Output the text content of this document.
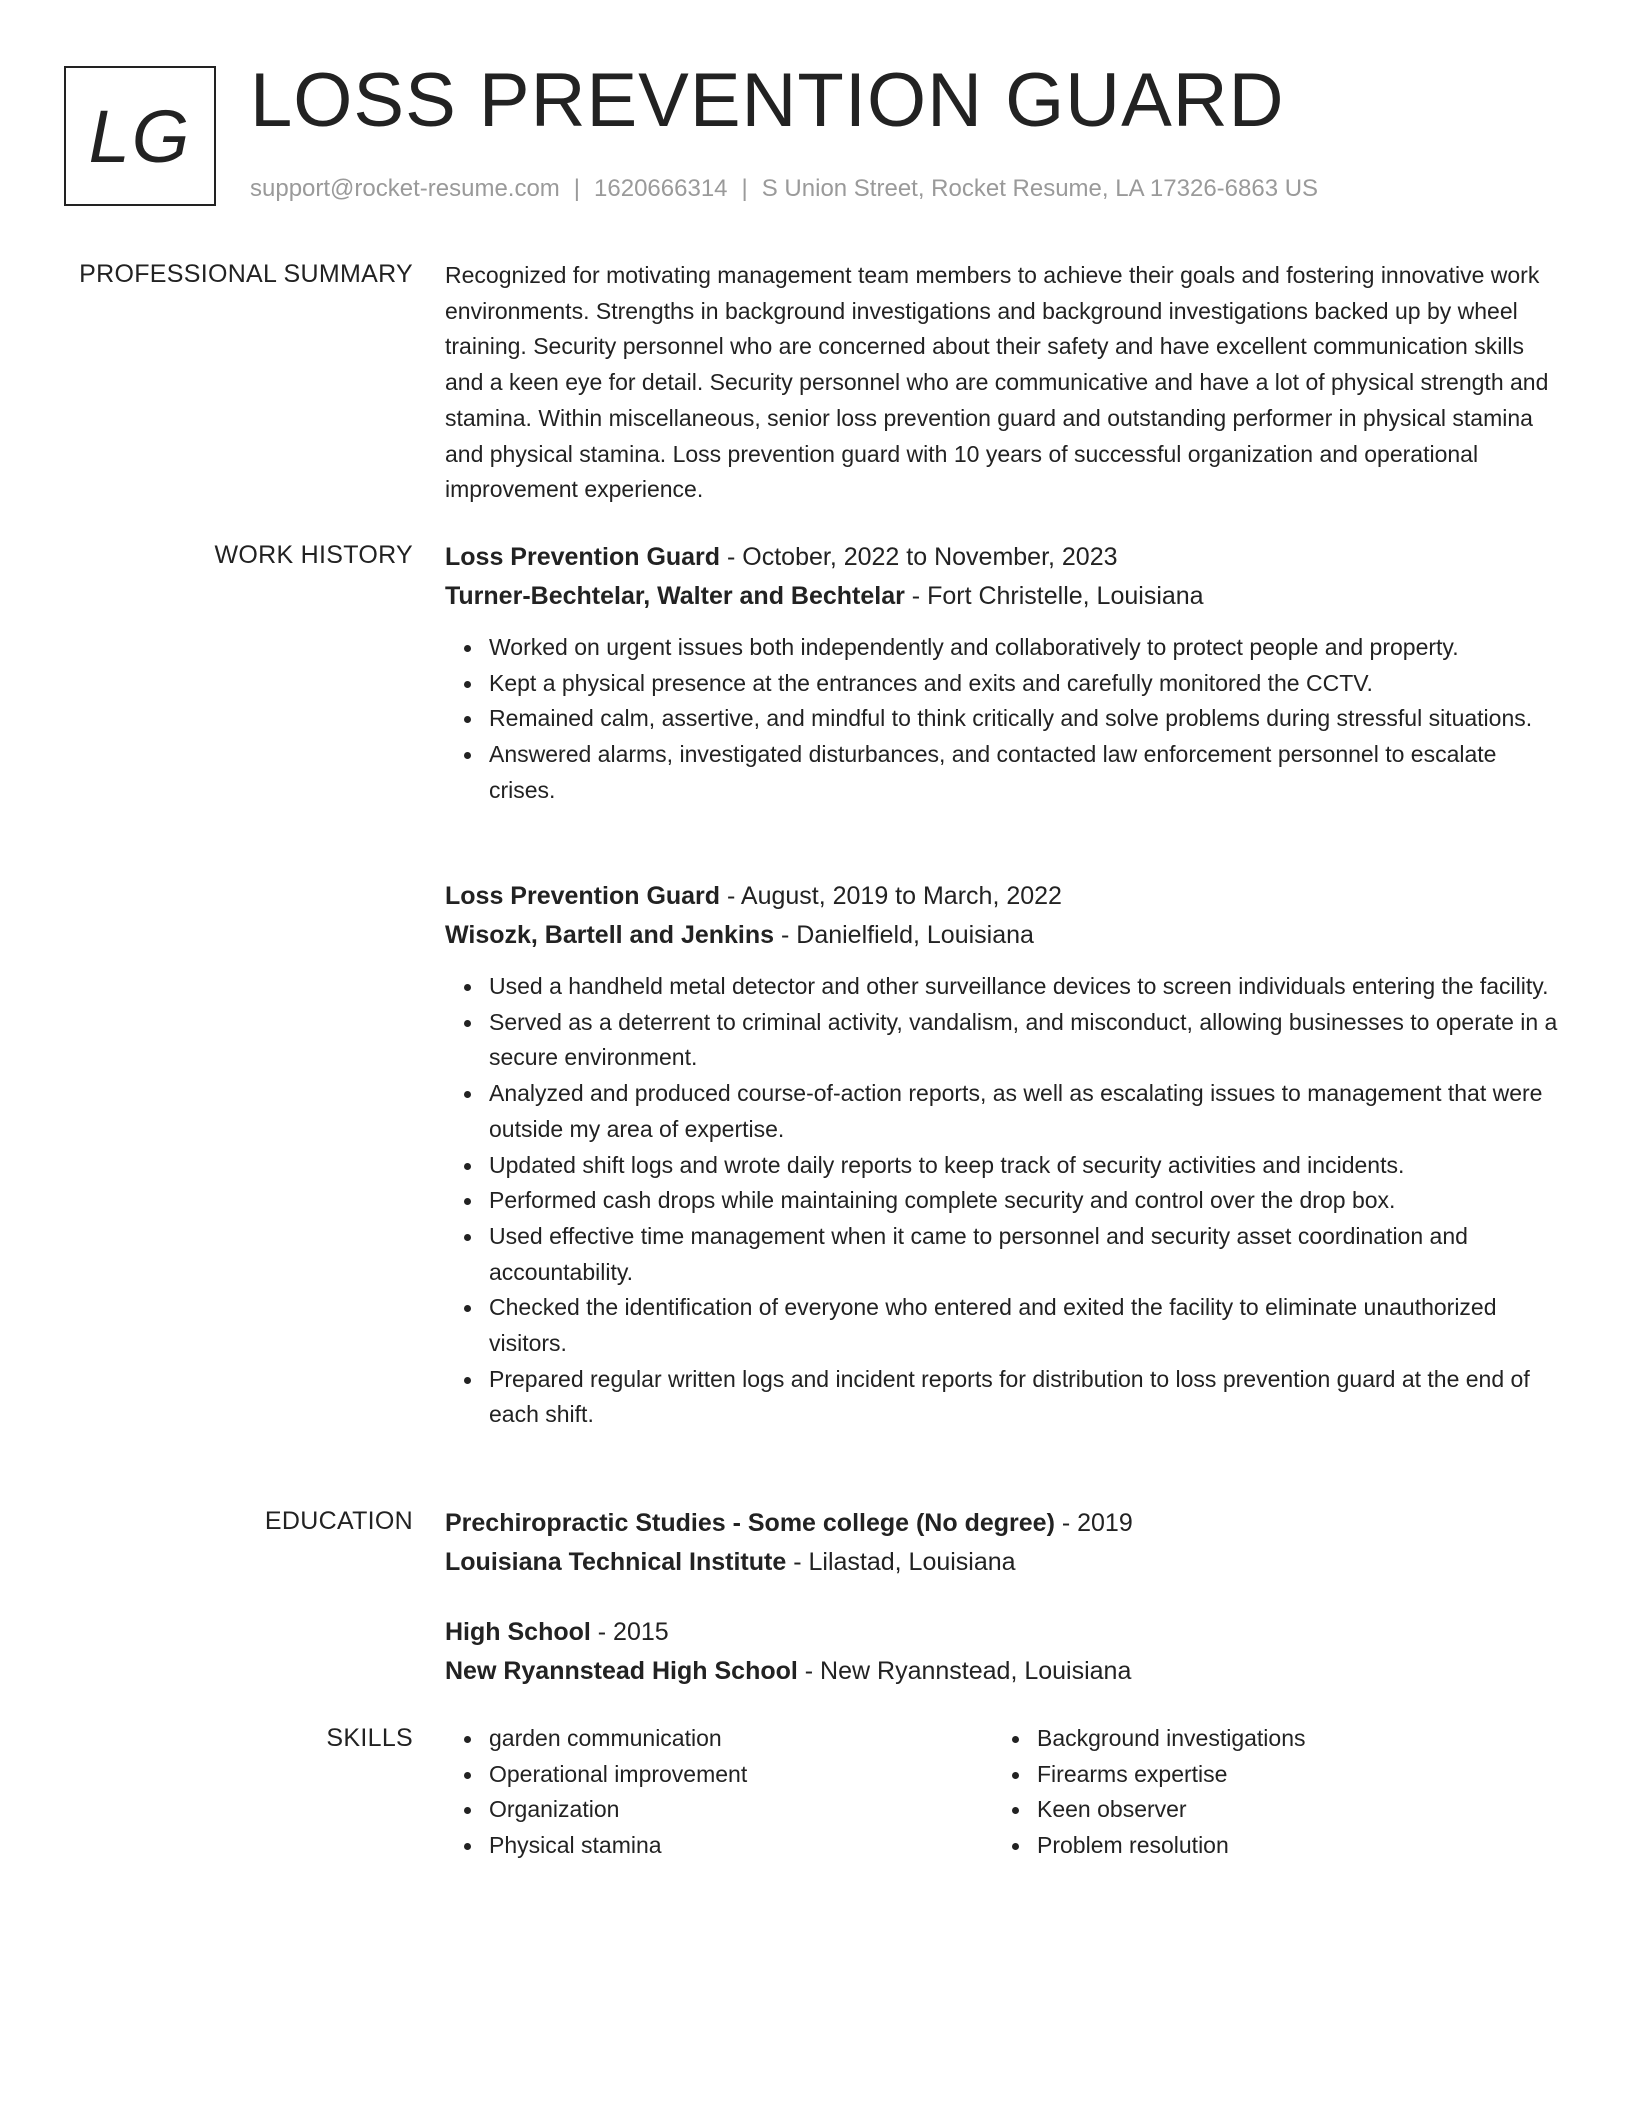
LG LOSS PREVENTION GUARD
support@rocket-resume.com | 1620666314 | S Union Street, Rocket Resume, LA 17326-6863 US
PROFESSIONAL SUMMARY Recognized for motivating management team members to achieve their goals and fostering innovative work environments. Strengths in background investigations and background investigations backed up by wheel training. Security personnel who are concerned about their safety and have excellent communication skills and a keen eye for detail. Security personnel who are communicative and have a lot of physical strength and stamina. Within miscellaneous, senior loss prevention guard and outstanding performer in physical stamina and physical stamina. Loss prevention guard with 10 years of successful organization and operational improvement experience.

WORK HISTORY Loss Prevention Guard - October, 2022 to November, 2023
Turner-Bechtelar, Walter and Bechtelar - Fort Christelle, Louisiana
Worked on urgent issues both independently and collaboratively to protect people and property.
Kept a physical presence at the entrances and exits and carefully monitored the CCTV.
Remained calm, assertive, and mindful to think critically and solve problems during stressful situations.
Answered alarms, investigated disturbances, and contacted law enforcement personnel to escalate crises.
Loss Prevention Guard - August, 2019 to March, 2022
Wisozk, Bartell and Jenkins - Danielfield, Louisiana
Used a handheld metal detector and other surveillance devices to screen individuals entering the facility.
Served as a deterrent to criminal activity, vandalism, and misconduct, allowing businesses to operate in a secure environment.
Analyzed and produced course-of-action reports, as well as escalating issues to management that were outside my area of expertise.
Updated shift logs and wrote daily reports to keep track of security activities and incidents.
Performed cash drops while maintaining complete security and control over the drop box.
Used effective time management when it came to personnel and security asset coordination and accountability.
Checked the identification of everyone who entered and exited the facility to eliminate unauthorized visitors.
Prepared regular written logs and incident reports for distribution to loss prevention guard at the end of each shift.
EDUCATION Prechiropractic Studies - Some college (No degree) - 2019
Louisiana Technical Institute - Lilastad, Louisiana
High School - 2015
New Ryannstead High School - New Ryannstead, Louisiana
SKILLS	garden communication
Operational improvement
Organization
Physical stamina
Background investigations
Firearms expertise
Keen observer
Problem resolution
